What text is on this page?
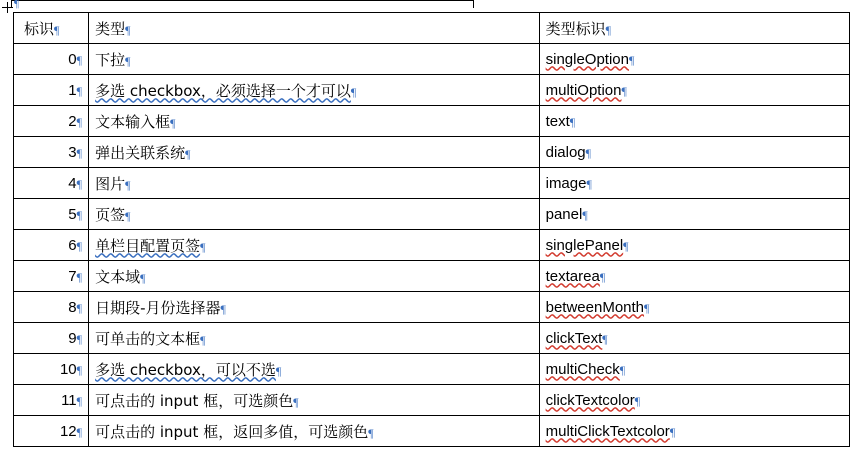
¶
标识¶	类型¶	类型标识¶
0¶	下拉¶	singleOption¶
1¶	多选 checkbox，必须选择一个才可以¶	multiOption¶
2¶	文本输入框¶	text¶
3¶	弹出关联系统¶	dialog¶
4¶	图片¶	image¶
5¶	页签¶	panel¶
6¶	单栏目配置页签¶	singlePanel¶
7¶	文本域¶	textarea¶
8¶	日期段-月份选择器¶	betweenMonth¶
9¶	可单击的文本框¶	clickText¶
10¶	多选 checkbox，可以不选¶	multiCheck¶
11¶	可点击的 input 框，可选颜色¶	clickTextcolor¶
12¶	可点击的 input 框，返回多值，可选颜色¶	multiClickTextcolor¶
